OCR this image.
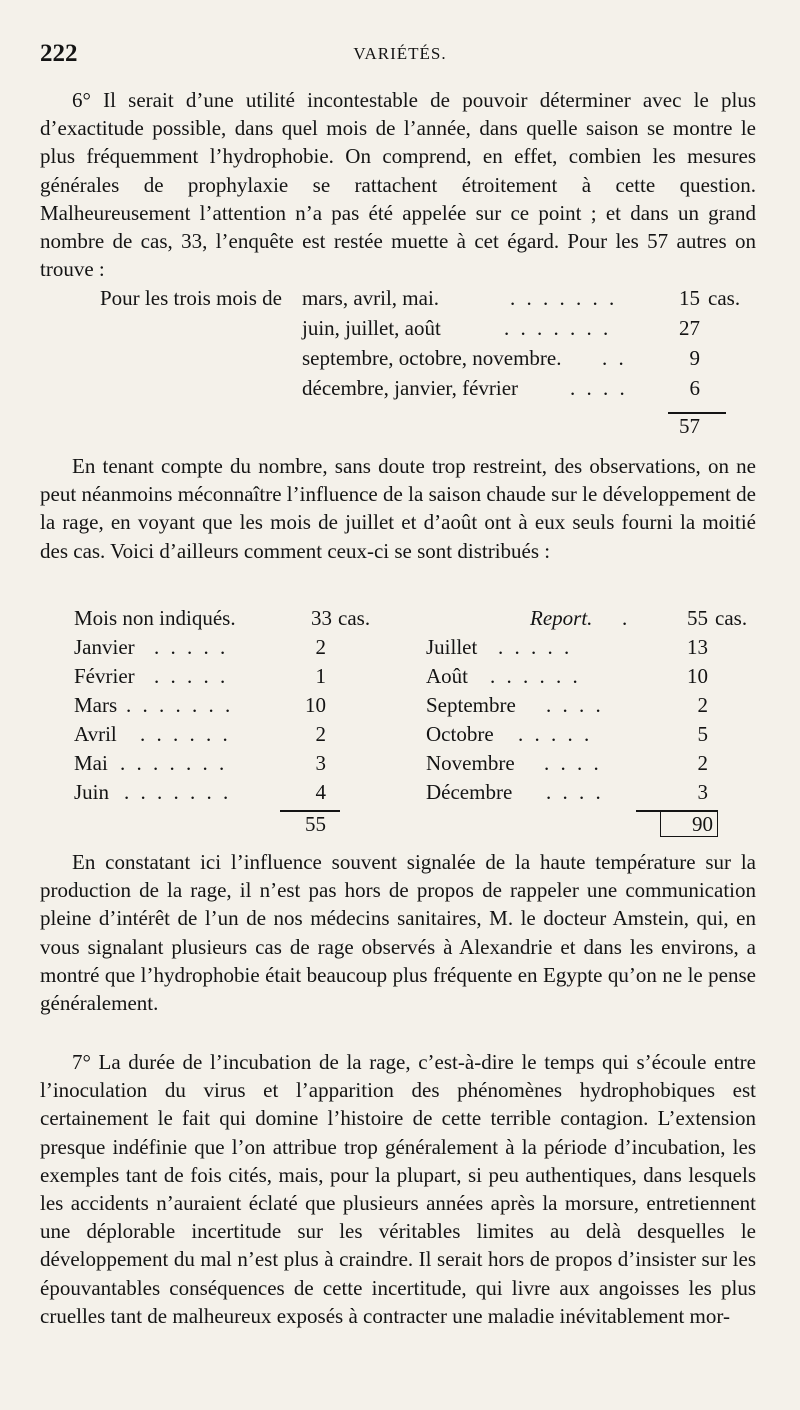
222	VARIÉTÉS.

6° Il serait d’une utilité incontestable de pouvoir déterminer avec le plus d’exactitude possible, dans quel mois de l’année, dans quelle saison se montre le plus fréquemment l’hydrophobie. On comprend, en effet, combien les mesures générales de prophylaxie se rattachent étroitement à cette question. Malheureusement l’attention n’a pas été appelée sur ce point ; et dans un grand nombre de cas, 33, l’enquête est restée muette à cet égard. Pour les 57 autres on trouve :

Pour les trois mois de mars, avril, mai.	. . . . . . .	15 cas.
juin, juillet, août	. . . . . . .	27
septembre, octobre, novembre. . .	9
décembre, janvier, février . . . .	6
57

En tenant compte du nombre, sans doute trop restreint, des observations, on ne peut néanmoins méconnaître l’influence de la saison chaude sur le développement de la rage, en voyant que les mois de juillet et d’août ont à eux seuls fourni la moitié des cas. Voici d’ailleurs comment ceux-ci se sont distribués :

Mois non indiqués.	33 cas.	Report. .	55 cas.
Janvier . . . . .	2	Juillet . . . . .	13
Février . . . . .	1	Août . . . . . .	10
Mars . . . . . . .	10	Septembre . . . .	2
Avril . . . . . .	2	Octobre . . . . .	5
Mai . . . . . . .	3	Novembre . . . .	2
Juin . . . . . . .	4	Décembre . . . .	3
55	90

En constatant ici l’influence souvent signalée de la haute température sur la production de la rage, il n’est pas hors de propos de rappeler une communication pleine d’intérêt de l’un de nos médecins sanitaires, M. le docteur Amstein, qui, en vous signalant plusieurs cas de rage observés à Alexandrie et dans les environs, a montré que l’hydrophobie était beaucoup plus fréquente en Egypte qu’on ne le pense généralement.

7° La durée de l’incubation de la rage, c’est-à-dire le temps qui s’écoule entre l’inoculation du virus et l’apparition des phénomènes hydrophobiques est certainement le fait qui domine l’histoire de cette terrible contagion. L’extension presque indéfinie que l’on attribue trop généralement à la période d’incubation, les exemples tant de fois cités, mais, pour la plupart, si peu authentiques, dans lesquels les accidents n’auraient éclaté que plusieurs années après la morsure, entretiennent une déplorable incertitude sur les véritables limites au delà desquelles le développement du mal n’est plus à craindre. Il serait hors de propos d’insister sur les épouvantables conséquences de cette incertitude, qui livre aux angoisses les plus cruelles tant de malheureux exposés à contracter une maladie inévitablement mor-
